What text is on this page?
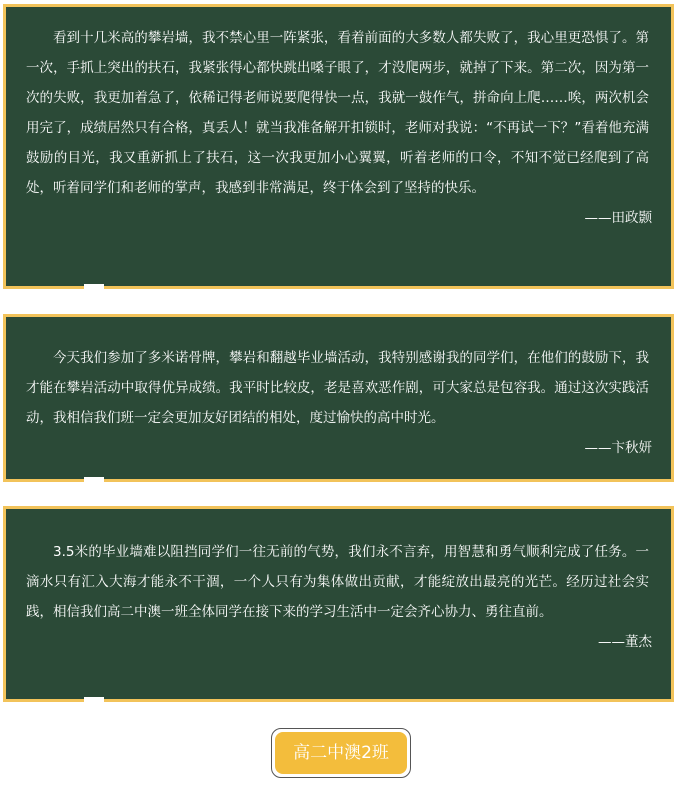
看到十几米高的攀岩墙，我不禁心里一阵紧张，看着前面的大多数人都失败了，我心里更恐惧了。第一次，手抓上突出的扶石，我紧张得心都快跳出嗓子眼了，才没爬两步，就掉了下来。第二次，因为第一次的失败，我更加着急了，依稀记得老师说要爬得快一点，我就一鼓作气，拼命向上爬……唉，两次机会用完了，成绩居然只有合格，真丢人！就当我准备解开扣锁时，老师对我说：“不再试一下？”看着他充满鼓励的目光，我又重新抓上了扶石，这一次我更加小心翼翼，听着老师的口令，不知不觉已经爬到了高处，听着同学们和老师的掌声，我感到非常满足，终于体会到了坚持的快乐。

——田政颢

今天我们参加了多米诺骨牌，攀岩和翻越毕业墙活动，我特别感谢我的同学们，在他们的鼓励下，我才能在攀岩活动中取得优异成绩。我平时比较皮，老是喜欢恶作剧，可大家总是包容我。通过这次实践活动，我相信我们班一定会更加友好团结的相处，度过愉快的高中时光。

——卞秋妍

3.5米的毕业墙难以阻挡同学们一往无前的气势，我们永不言弃，用智慧和勇气顺利完成了任务。一滴水只有汇入大海才能永不干涸，一个人只有为集体做出贡献，才能绽放出最亮的光芒。经历过社会实践，相信我们高二中澳一班全体同学在接下来的学习生活中一定会齐心协力、勇往直前。

——董杰

高二中澳2班
